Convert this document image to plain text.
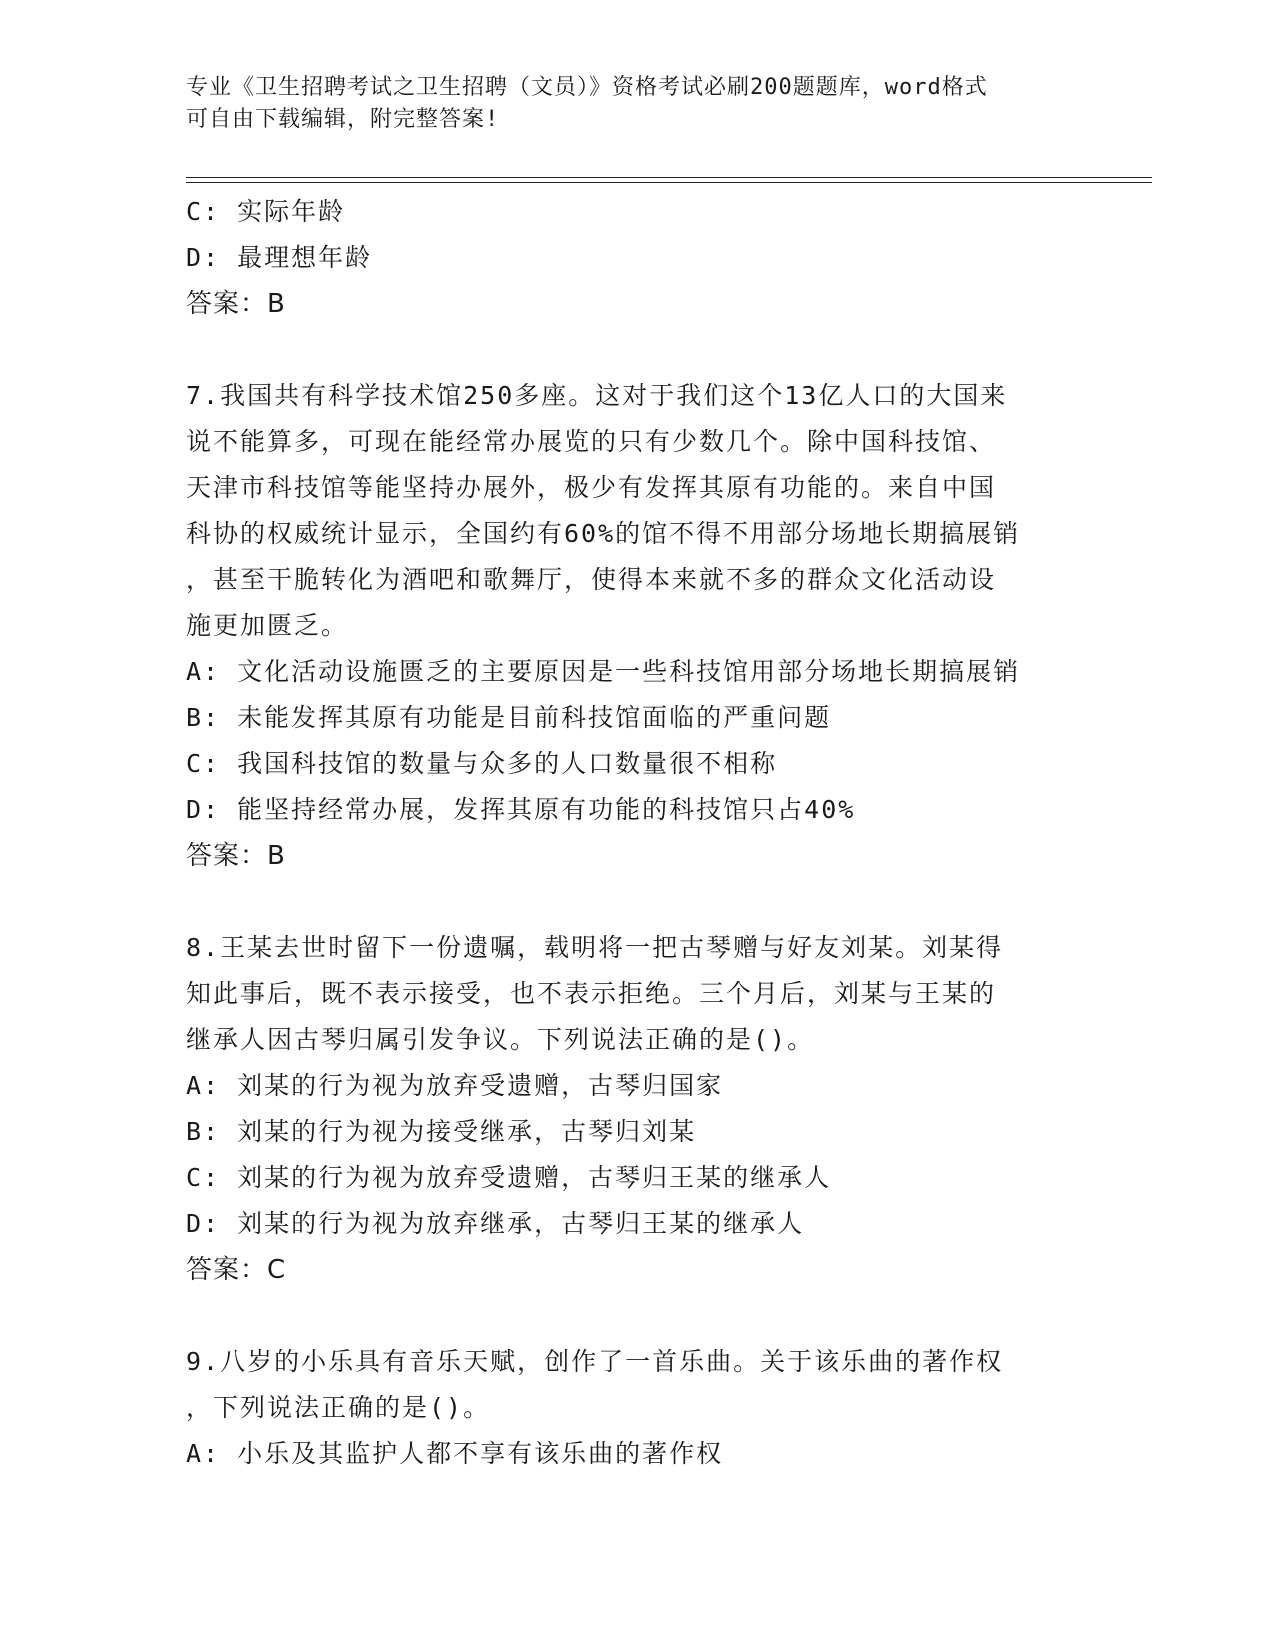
专业《卫生招聘考试之卫生招聘（文员）》资格考试必刷200题题库，word格式
可自由下载编辑，附完整答案!
C: 实际年龄
D: 最理想年龄
答案：B
7.我国共有科学技术馆250多座。这对于我们这个13亿人口的大国来
说不能算多，可现在能经常办展览的只有少数几个。除中国科技馆、
天津市科技馆等能坚持办展外，极少有发挥其原有功能的。来自中国
科协的权威统计显示，全国约有60%的馆不得不用部分场地长期搞展销
，甚至干脆转化为酒吧和歌舞厅，使得本来就不多的群众文化活动设
施更加匮乏。
A: 文化活动设施匮乏的主要原因是一些科技馆用部分场地长期搞展销
B: 未能发挥其原有功能是目前科技馆面临的严重问题
C: 我国科技馆的数量与众多的人口数量很不相称
D: 能坚持经常办展，发挥其原有功能的科技馆只占40%
答案：B
8.王某去世时留下一份遗嘱，载明将一把古琴赠与好友刘某。刘某得
知此事后，既不表示接受，也不表示拒绝。三个月后，刘某与王某的
继承人因古琴归属引发争议。下列说法正确的是()。
A: 刘某的行为视为放弃受遗赠，古琴归国家
B: 刘某的行为视为接受继承，古琴归刘某
C: 刘某的行为视为放弃受遗赠，古琴归王某的继承人
D: 刘某的行为视为放弃继承，古琴归王某的继承人
答案：C
9.八岁的小乐具有音乐天赋，创作了一首乐曲。关于该乐曲的著作权
，下列说法正确的是()。
A: 小乐及其监护人都不享有该乐曲的著作权
